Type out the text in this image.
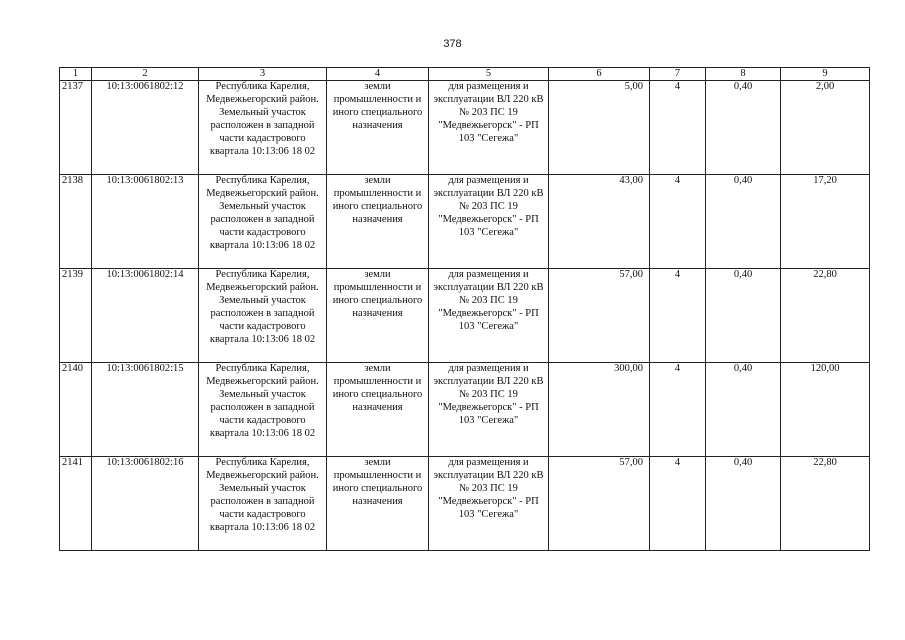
378
1	2	3	4	5	6	7	8	9
2137	10:13:0061802:12	Республика Карелия, Медвежьегорский район. Земельный участок расположен в западной части кадастрового квартала 10:13:06 18 02	земли промышленности и иного специального назначения	для размещения и эксплуатации ВЛ 220 кВ № 203 ПС 19 "Медвежьегорск" - РП 103 "Сегежа"	5,00	4	0,40	2,00
2138	10:13:0061802:13	Республика Карелия, Медвежьегорский район. Земельный участок расположен в западной части кадастрового квартала 10:13:06 18 02	земли промышленности и иного специального назначения	для размещения и эксплуатации ВЛ 220 кВ № 203 ПС 19 "Медвежьегорск" - РП 103 "Сегежа"	43,00	4	0,40	17,20
2139	10:13:0061802:14	Республика Карелия, Медвежьегорский район. Земельный участок расположен в западной части кадастрового квартала 10:13:06 18 02	земли промышленности и иного специального назначения	для размещения и эксплуатации ВЛ 220 кВ № 203 ПС 19 "Медвежьегорск" - РП 103 "Сегежа"	57,00	4	0,40	22,80
2140	10:13:0061802:15	Республика Карелия, Медвежьегорский район. Земельный участок расположен в западной части кадастрового квартала 10:13:06 18 02	земли промышленности и иного специального назначения	для размещения и эксплуатации ВЛ 220 кВ № 203 ПС 19 "Медвежьегорск" - РП 103 "Сегежа"	300,00	4	0,40	120,00
2141	10:13:0061802:16	Республика Карелия, Медвежьегорский район. Земельный участок расположен в западной части кадастрового квартала 10:13:06 18 02	земли промышленности и иного специального назначения	для размещения и эксплуатации ВЛ 220 кВ № 203 ПС 19 "Медвежьегорск" - РП 103 "Сегежа"	57,00	4	0,40	22,80
